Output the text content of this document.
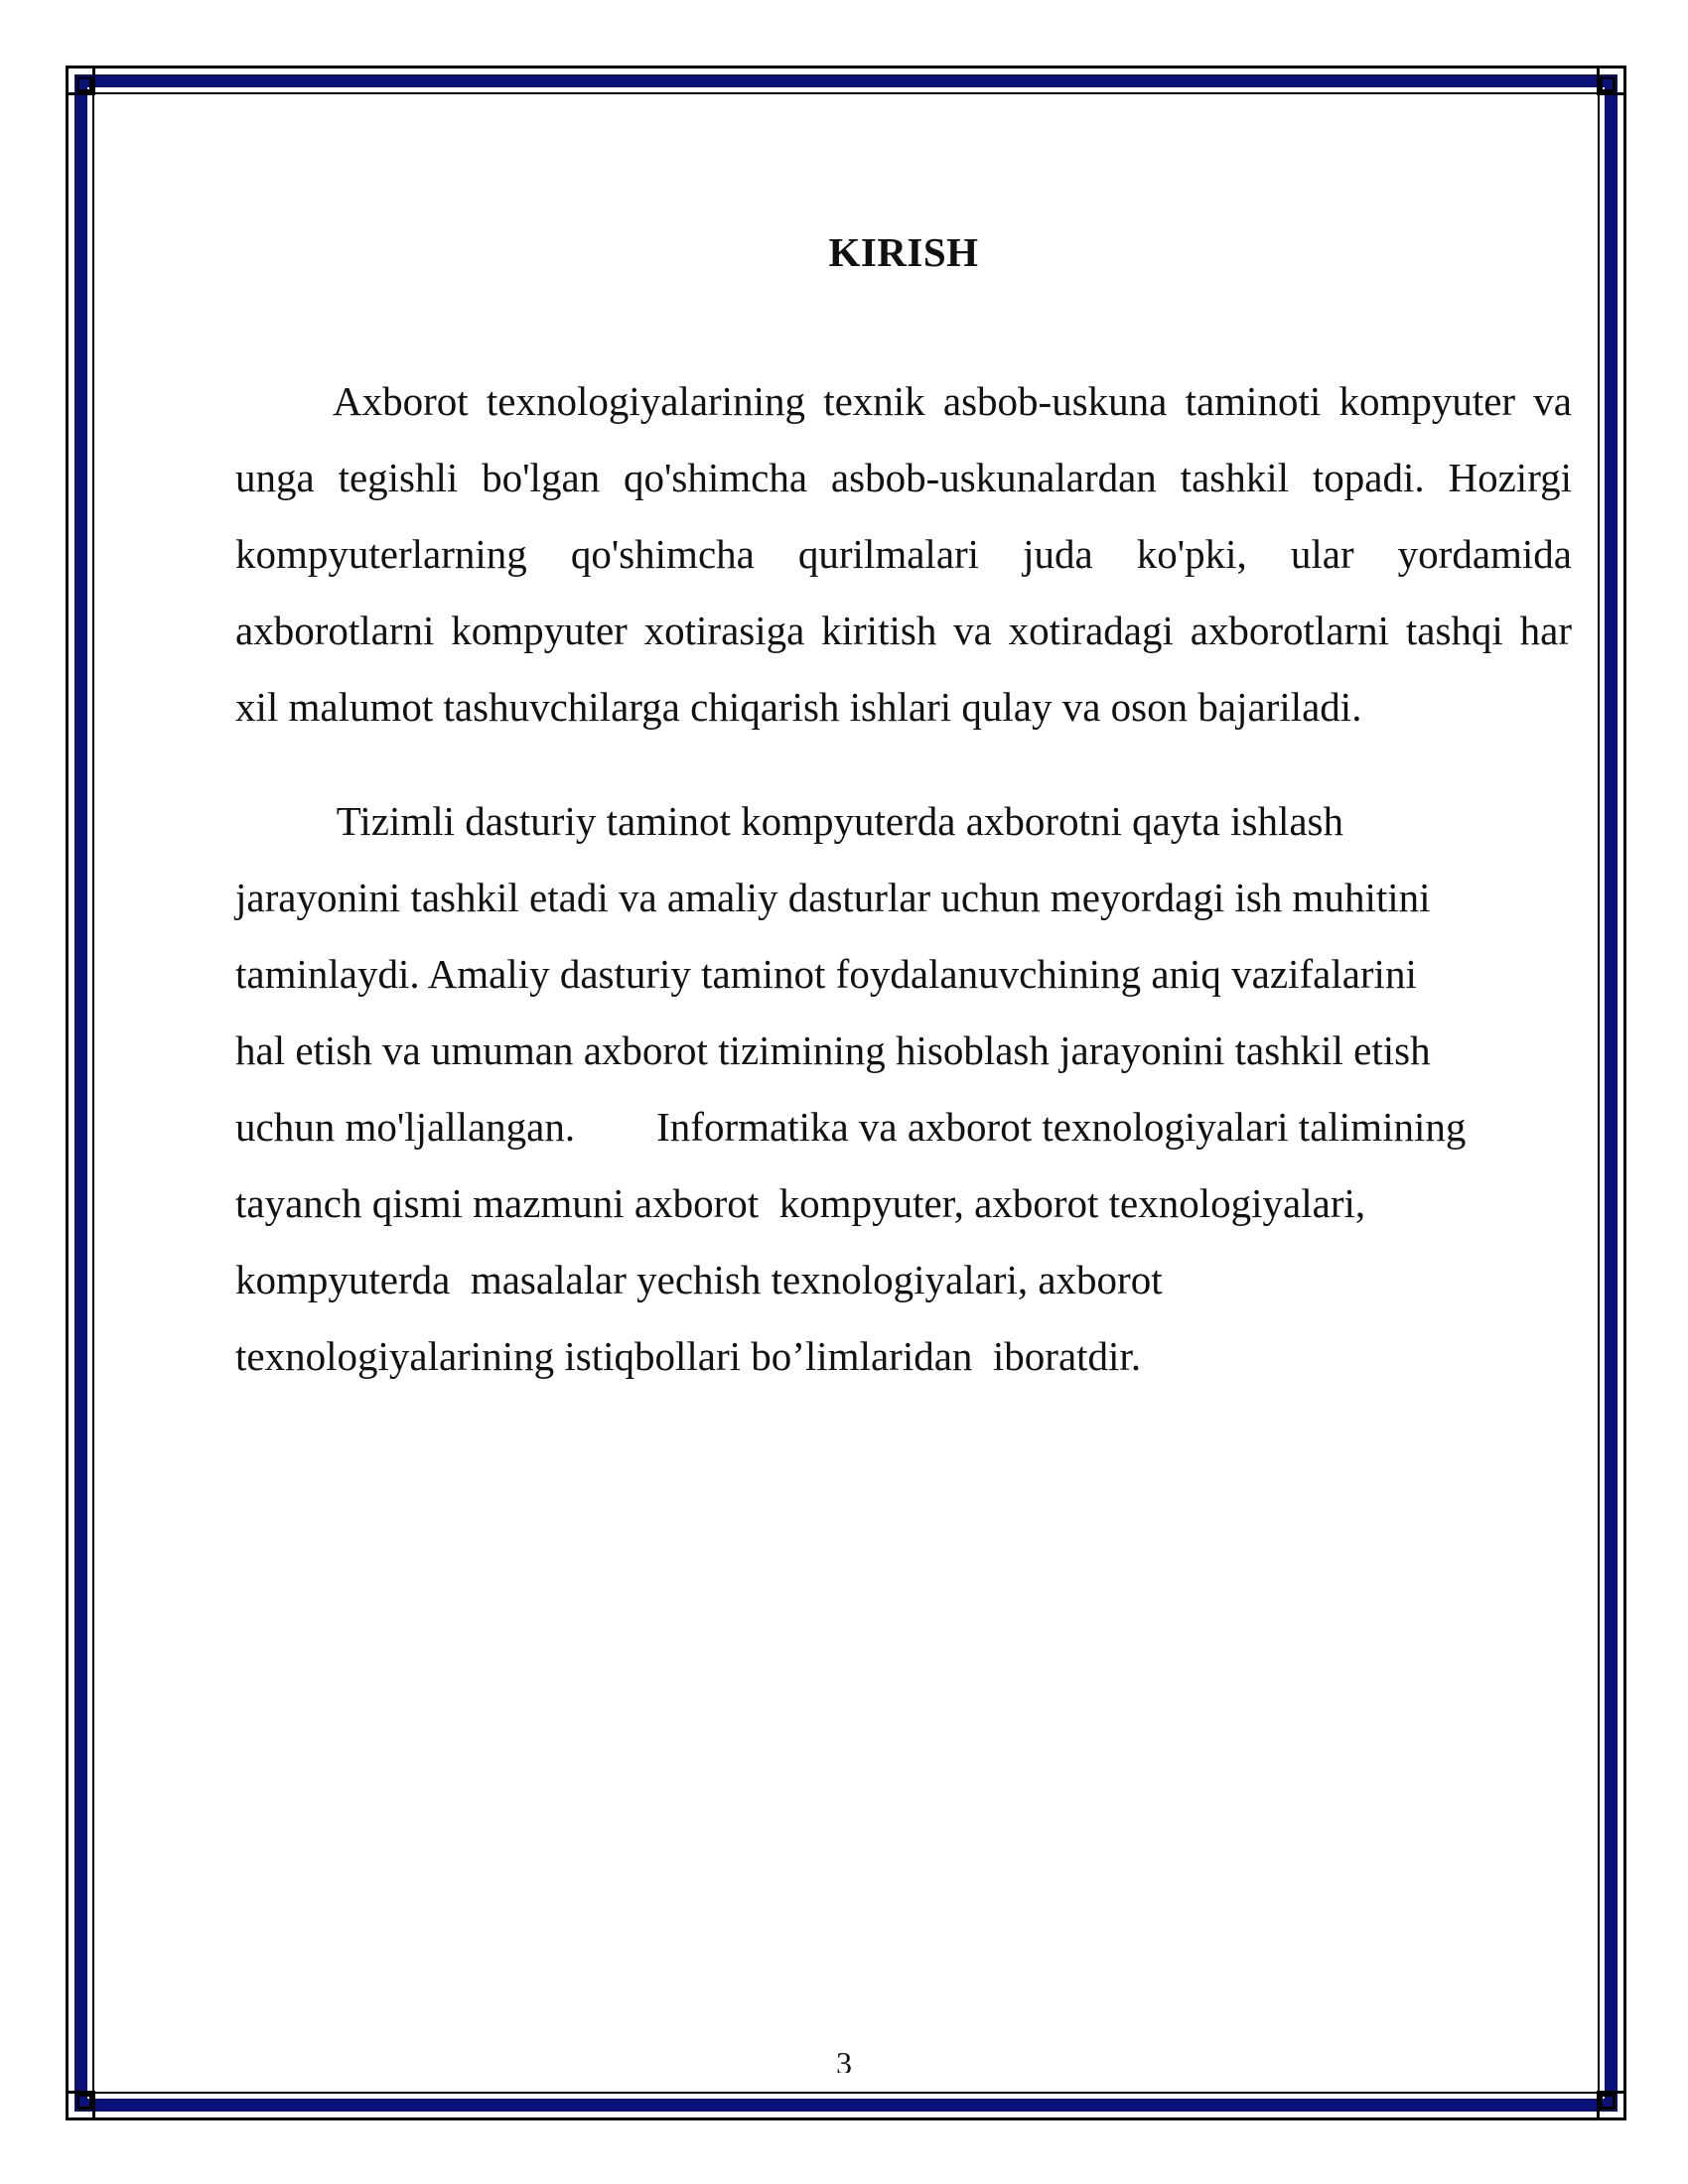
KIRISH

Axborot texnologiyalarining texnik asbob-uskuna taminoti kompyuter va unga tegishli bo'lgan qo'shimcha asbob-uskunalardan tashkil topadi. Hozirgi kompyuterlarning qo'shimcha qurilmalari juda ko'pki, ular yordamida axborotlarni kompyuter xotirasiga kiritish va xotiradagi axborotlarni tashqi har xil malumot tashuvchilarga chiqarish ishlari qulay va oson bajariladi.

Tizimli dasturiy taminot kompyuterda axborotni qayta ishlash
jarayonini tashkil etadi va amaliy dasturlar uchun meyordagi ish muhitini
taminlaydi. Amaliy dasturiy taminot foydalanuvchining aniq vazifalarini
hal etish va umuman axborot tizimining hisoblash jarayonini tashkil etish
uchun mo'ljallangan.        Informatika va axborot texnologiyalari talimining
tayanch qismi mazmuni axborot  kompyuter, axborot texnologiyalari,
kompyuterda  masalalar yechish texnologiyalari, axborot
texnologiyalarining istiqbollari bo’limlaridan  iboratdir.

3
